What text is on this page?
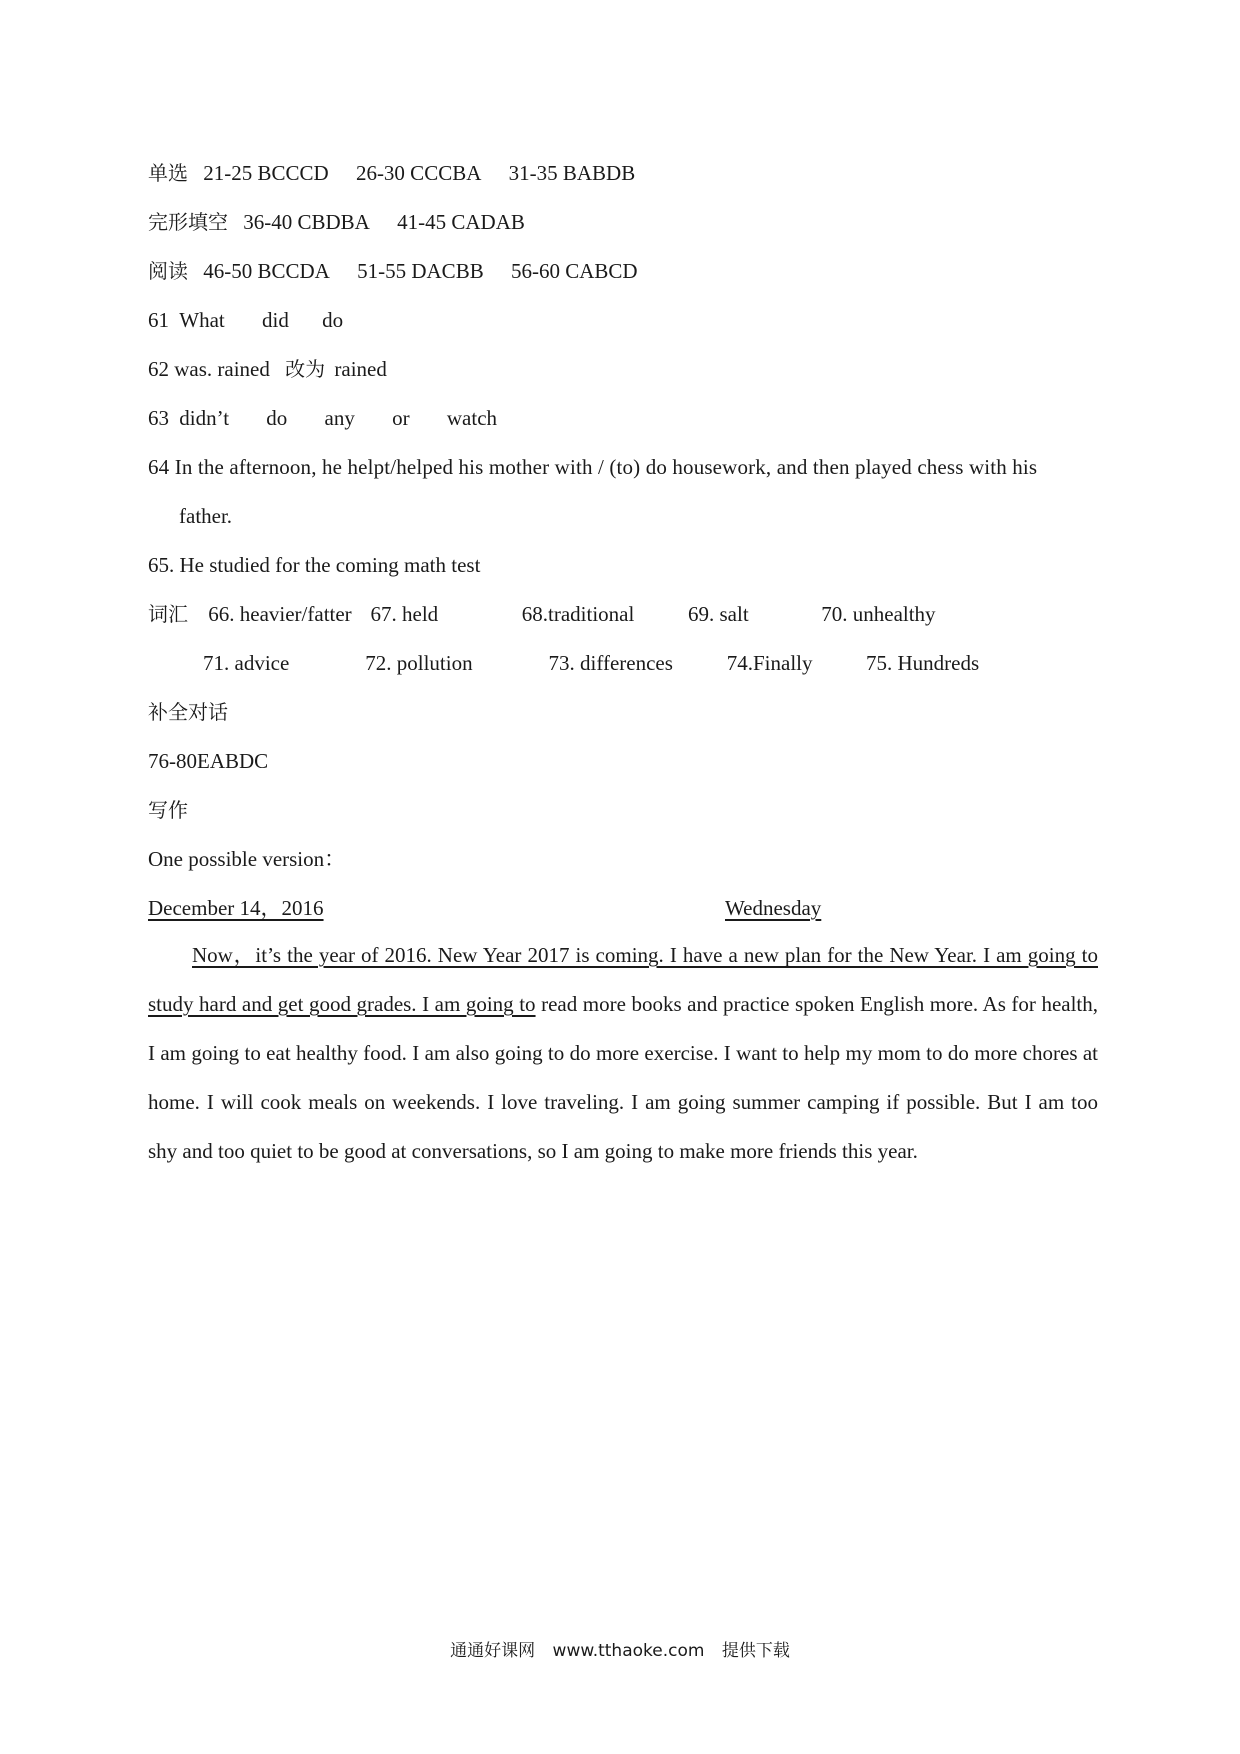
单选 21-25 BCCCD 26-30 CCCBA 31-35 BABDB
完形填空 36-40 CBDBA 41-45 CADAB
阅读 46-50 BCCDA 51-55 DACBB 56-60 CABCD
61 What did do
62 was. rained 改为 rained
63 didn’t do any or watch
64 In the afternoon, he helpt/helped his mother with / (to) do housework, and then played chess with his
father.
65. He studied for the coming math test
词汇 66. heavier/fatter 67. held	68.traditional	69. salt	70. unhealthy
71. advice	72. pollution	73. differences	74.Finally	75. Hundreds
补全对话
76-80EABDC
写作
One possible version：
December 14，2016	Wednesday
Now，it’s the year of 2016. New Year 2017 is coming. I have a new plan for the New Year. I am going to study hard and get good grades. I am going to read more books and practice spoken English more. As for health, I am going to eat healthy food. I am also going to do more exercise. I want to help my mom to do more chores at home. I will cook meals on weekends. I love traveling. I am going summer camping if possible. But I am too shy and too quiet to be good at conversations, so I am going to make more friends this year.
通通好课网 www.tthaoke.com 提供下载
